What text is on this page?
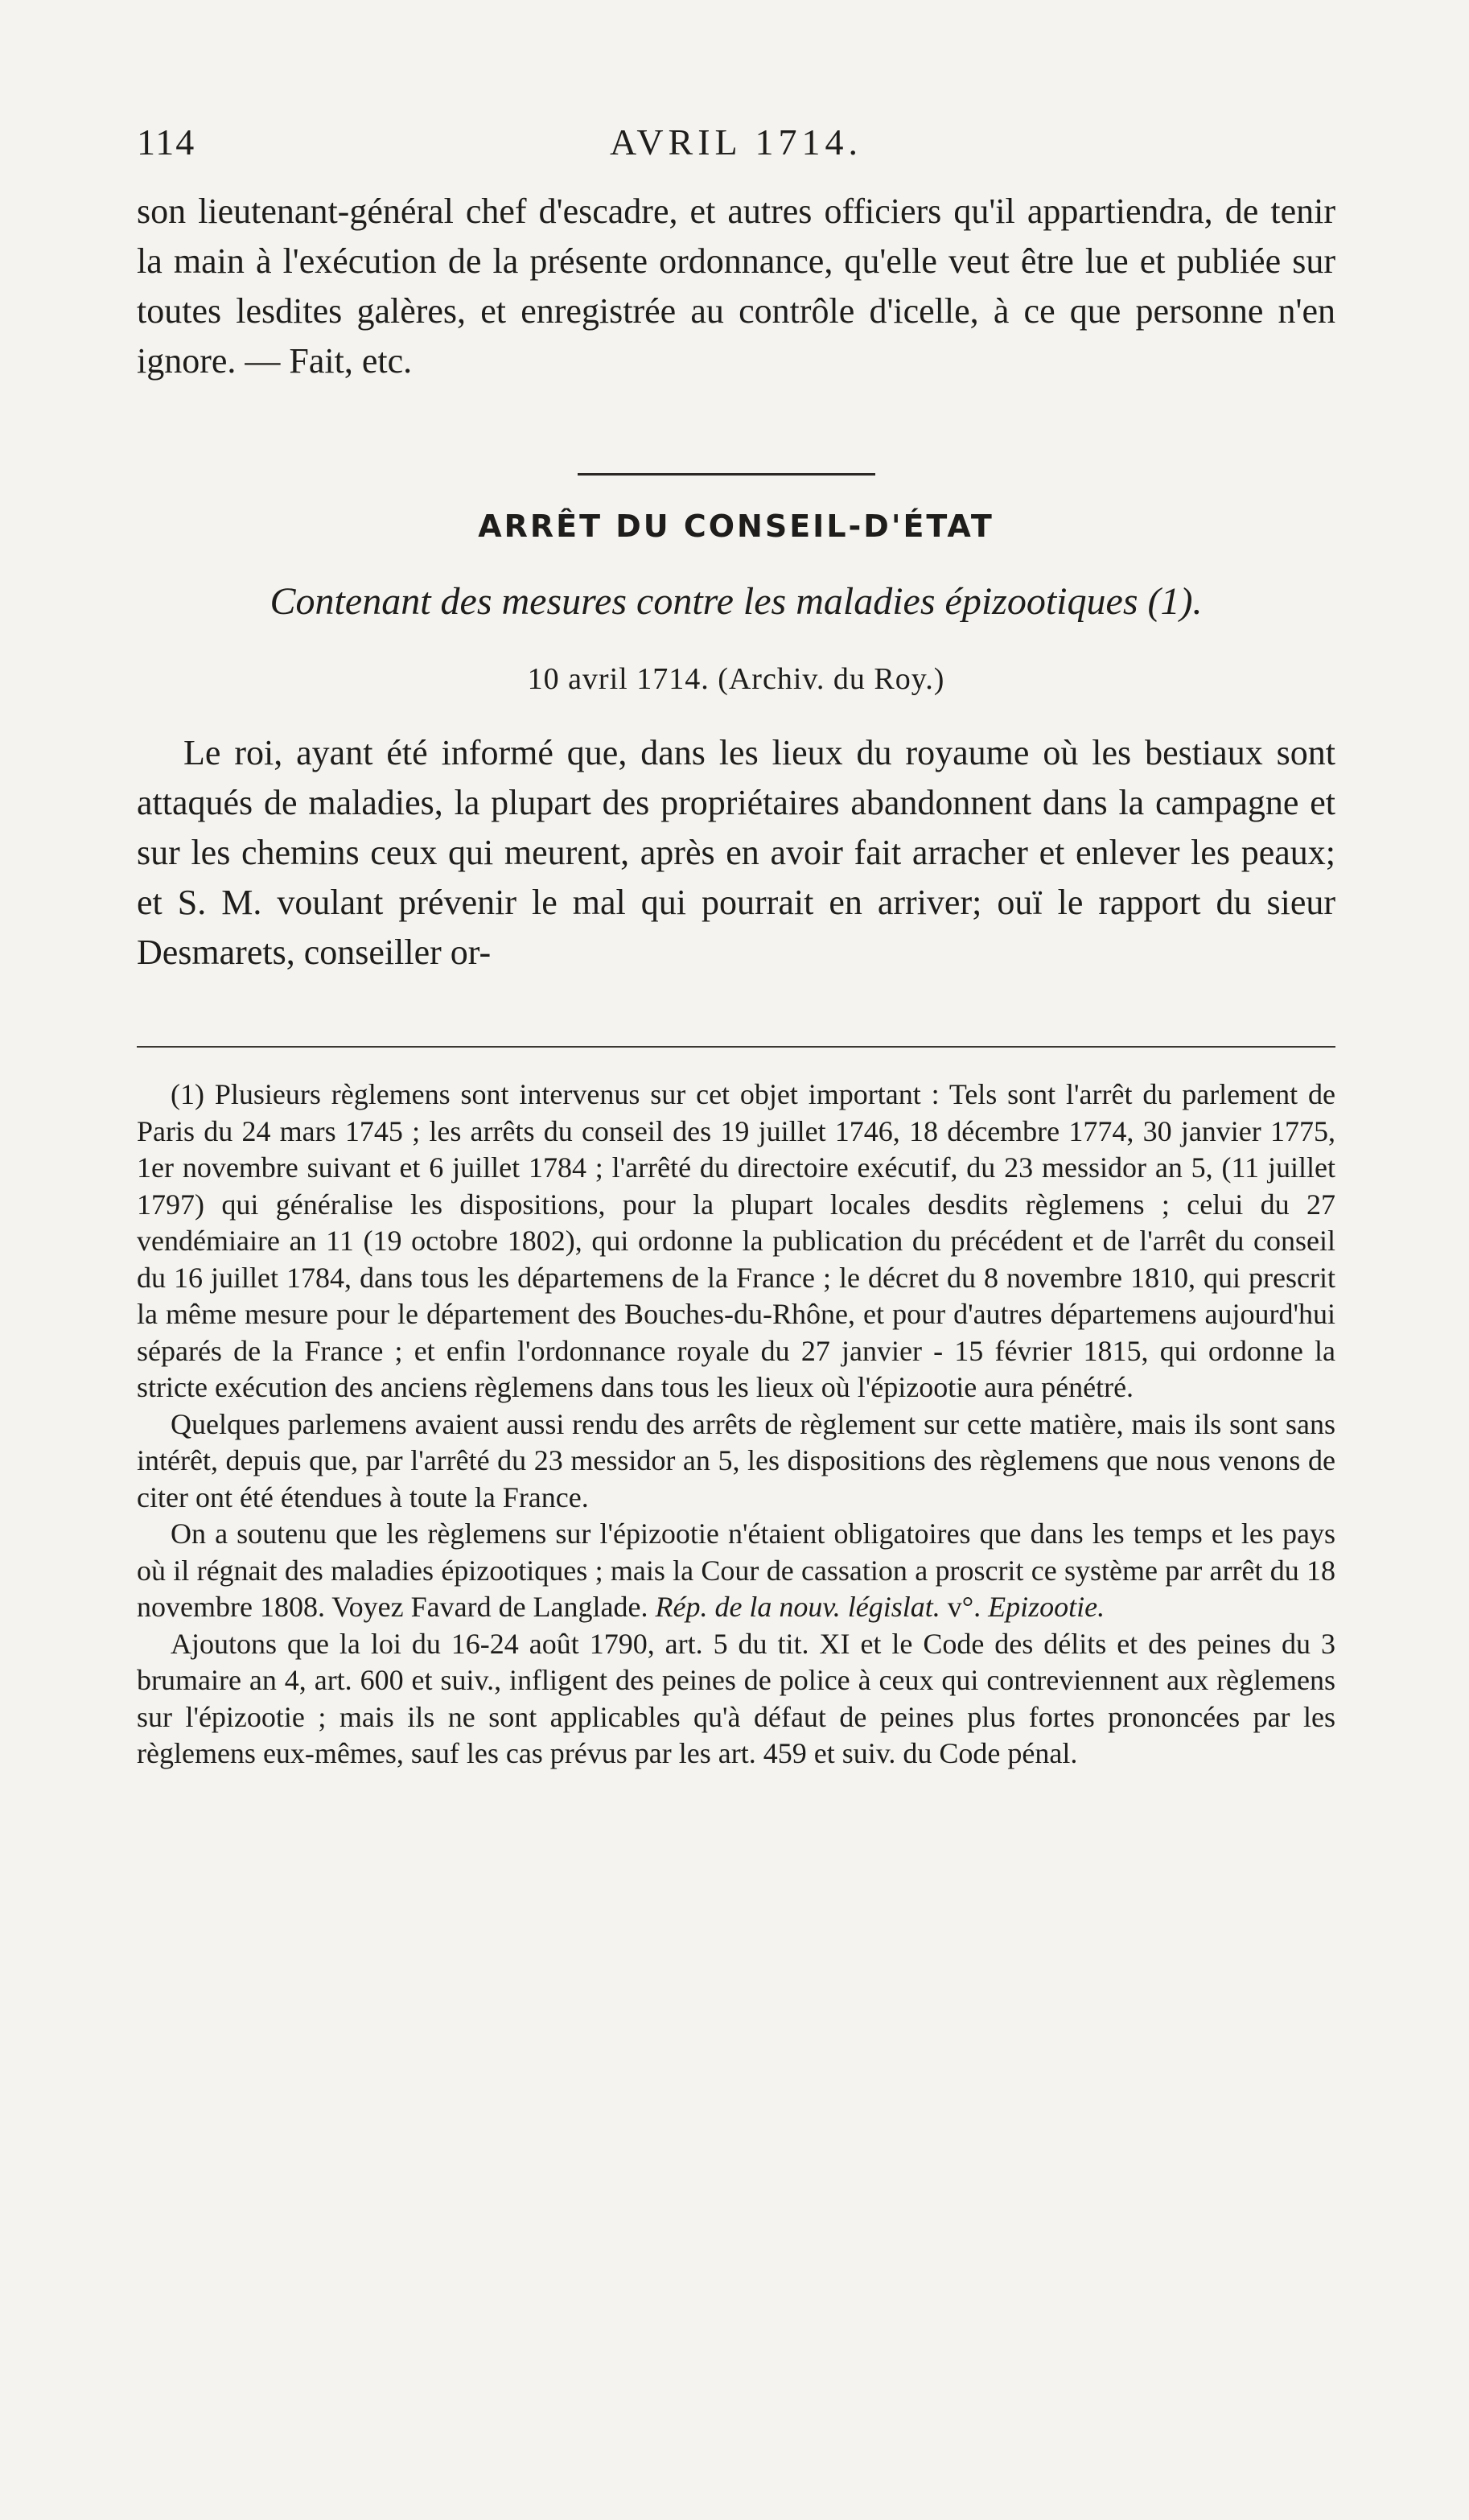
114	AVRIL 1714.

son lieutenant-général chef d'escadre, et autres officiers qu'il appartiendra, de tenir la main à l'exécution de la présente ordonnance, qu'elle veut être lue et publiée sur toutes lesdites galères, et enregistrée au contrôle d'icelle, à ce que personne n'en ignore. — Fait, etc.

ARRÊT DU CONSEIL-D'ÉTAT
Contenant des mesures contre les maladies épizootiques (1).
10 avril 1714. (Archiv. du Roy.)

Le roi, ayant été informé que, dans les lieux du royaume où les bestiaux sont attaqués de maladies, la plupart des propriétaires abandonnent dans la campagne et sur les chemins ceux qui meurent, après en avoir fait arracher et enlever les peaux; et S. M. voulant prévenir le mal qui pourrait en arriver; ouï le rapport du sieur Desmarets, conseiller or-

(1) Plusieurs règlemens sont intervenus sur cet objet important : Tels sont l'arrêt du parlement de Paris du 24 mars 1745 ; les arrêts du conseil des 19 juillet 1746, 18 décembre 1774, 30 janvier 1775, 1er novembre suivant et 6 juillet 1784 ; l'arrêté du directoire exécutif, du 23 messidor an 5, (11 juillet 1797) qui généralise les dispositions, pour la plupart locales desdits règlemens ; celui du 27 vendémiaire an 11 (19 octobre 1802), qui ordonne la publication du précédent et de l'arrêt du conseil du 16 juillet 1784, dans tous les départemens de la France ; le décret du 8 novembre 1810, qui prescrit la même mesure pour le département des Bouches-du-Rhône, et pour d'autres départemens aujourd'hui séparés de la France ; et enfin l'ordonnance royale du 27 janvier - 15 février 1815, qui ordonne la stricte exécution des anciens règlemens dans tous les lieux où l'épizootie aura pénétré.

Quelques parlemens avaient aussi rendu des arrêts de règlement sur cette matière, mais ils sont sans intérêt, depuis que, par l'arrêté du 23 messidor an 5, les dispositions des règlemens que nous venons de citer ont été étendues à toute la France.

On a soutenu que les règlemens sur l'épizootie n'étaient obligatoires que dans les temps et les pays où il régnait des maladies épizootiques ; mais la Cour de cassation a proscrit ce système par arrêt du 18 novembre 1808. Voyez Favard de Langlade. Rép. de la nouv. législat. v°. Epizootie.

Ajoutons que la loi du 16-24 août 1790, art. 5 du tit. XI et le Code des délits et des peines du 3 brumaire an 4, art. 600 et suiv., infligent des peines de police à ceux qui contreviennent aux règlemens sur l'épizootie ; mais ils ne sont applicables qu'à défaut de peines plus fortes prononcées par les règlemens eux-mêmes, sauf les cas prévus par les art. 459 et suiv. du Code pénal.
